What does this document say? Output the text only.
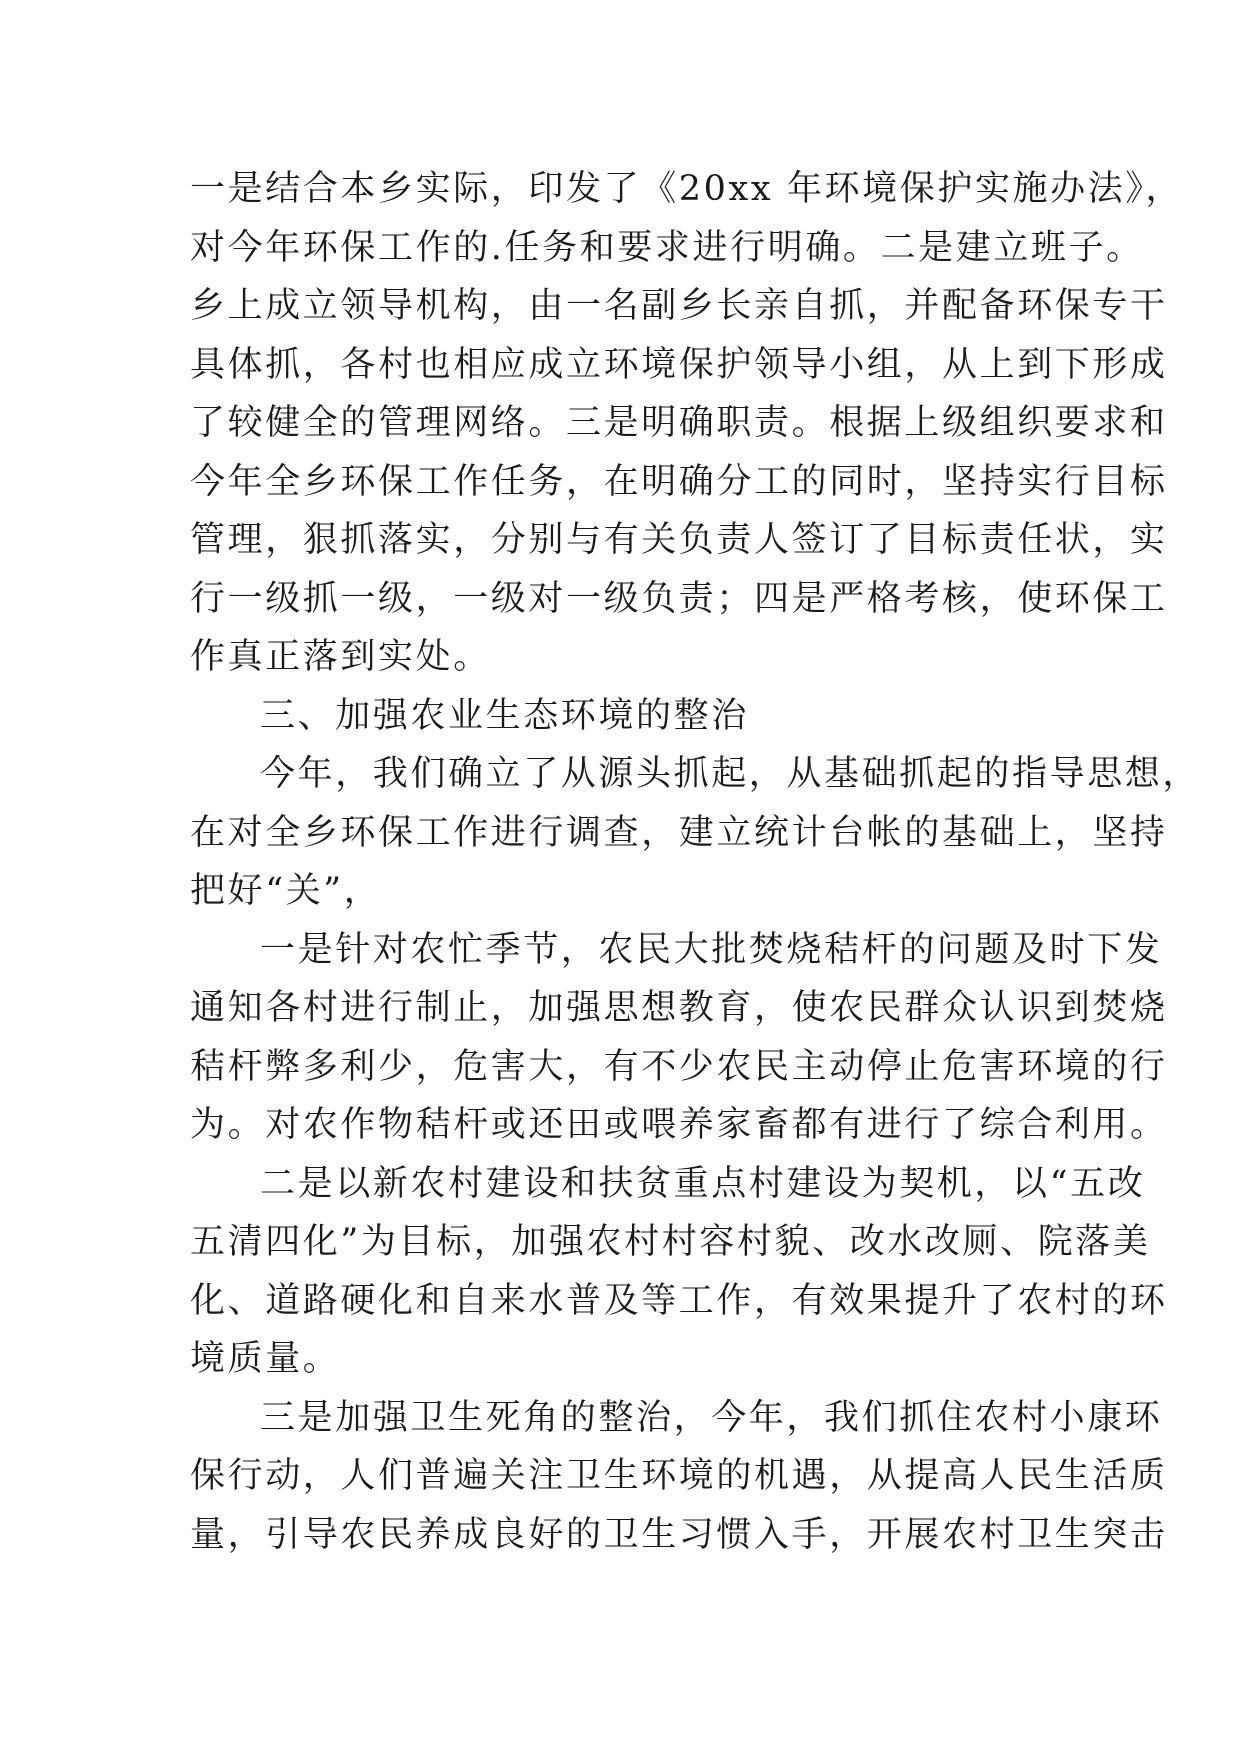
一是结合本乡实际，印发了《20xx 年环境保护实施办法》，
对今年环保工作的.任务和要求进行明确。二是建立班子。
乡上成立领导机构，由一名副乡长亲自抓，并配备环保专干
具体抓，各村也相应成立环境保护领导小组，从上到下形成
了较健全的管理网络。三是明确职责。根据上级组织要求和
今年全乡环保工作任务，在明确分工的同时，坚持实行目标
管理，狠抓落实，分别与有关负责人签订了目标责任状，实
行一级抓一级，一级对一级负责；四是严格考核，使环保工
作真正落到实处。

三、加强农业生态环境的整治

今年，我们确立了从源头抓起，从基础抓起的指导思想，
在对全乡环保工作进行调查，建立统计台帐的基础上，坚持
把好“关”，

一是针对农忙季节，农民大批焚烧秸杆的问题及时下发
通知各村进行制止，加强思想教育，使农民群众认识到焚烧
秸杆弊多利少，危害大，有不少农民主动停止危害环境的行
为。对农作物秸杆或还田或喂养家畜都有进行了综合利用。

二是以新农村建设和扶贫重点村建设为契机，以“五改
五清四化”为目标，加强农村村容村貌、改水改厕、院落美
化、道路硬化和自来水普及等工作，有效果提升了农村的环
境质量。

三是加强卫生死角的整治，今年，我们抓住农村小康环
保行动，人们普遍关注卫生环境的机遇，从提高人民生活质
量，引导农民养成良好的卫生习惯入手，开展农村卫生突击
